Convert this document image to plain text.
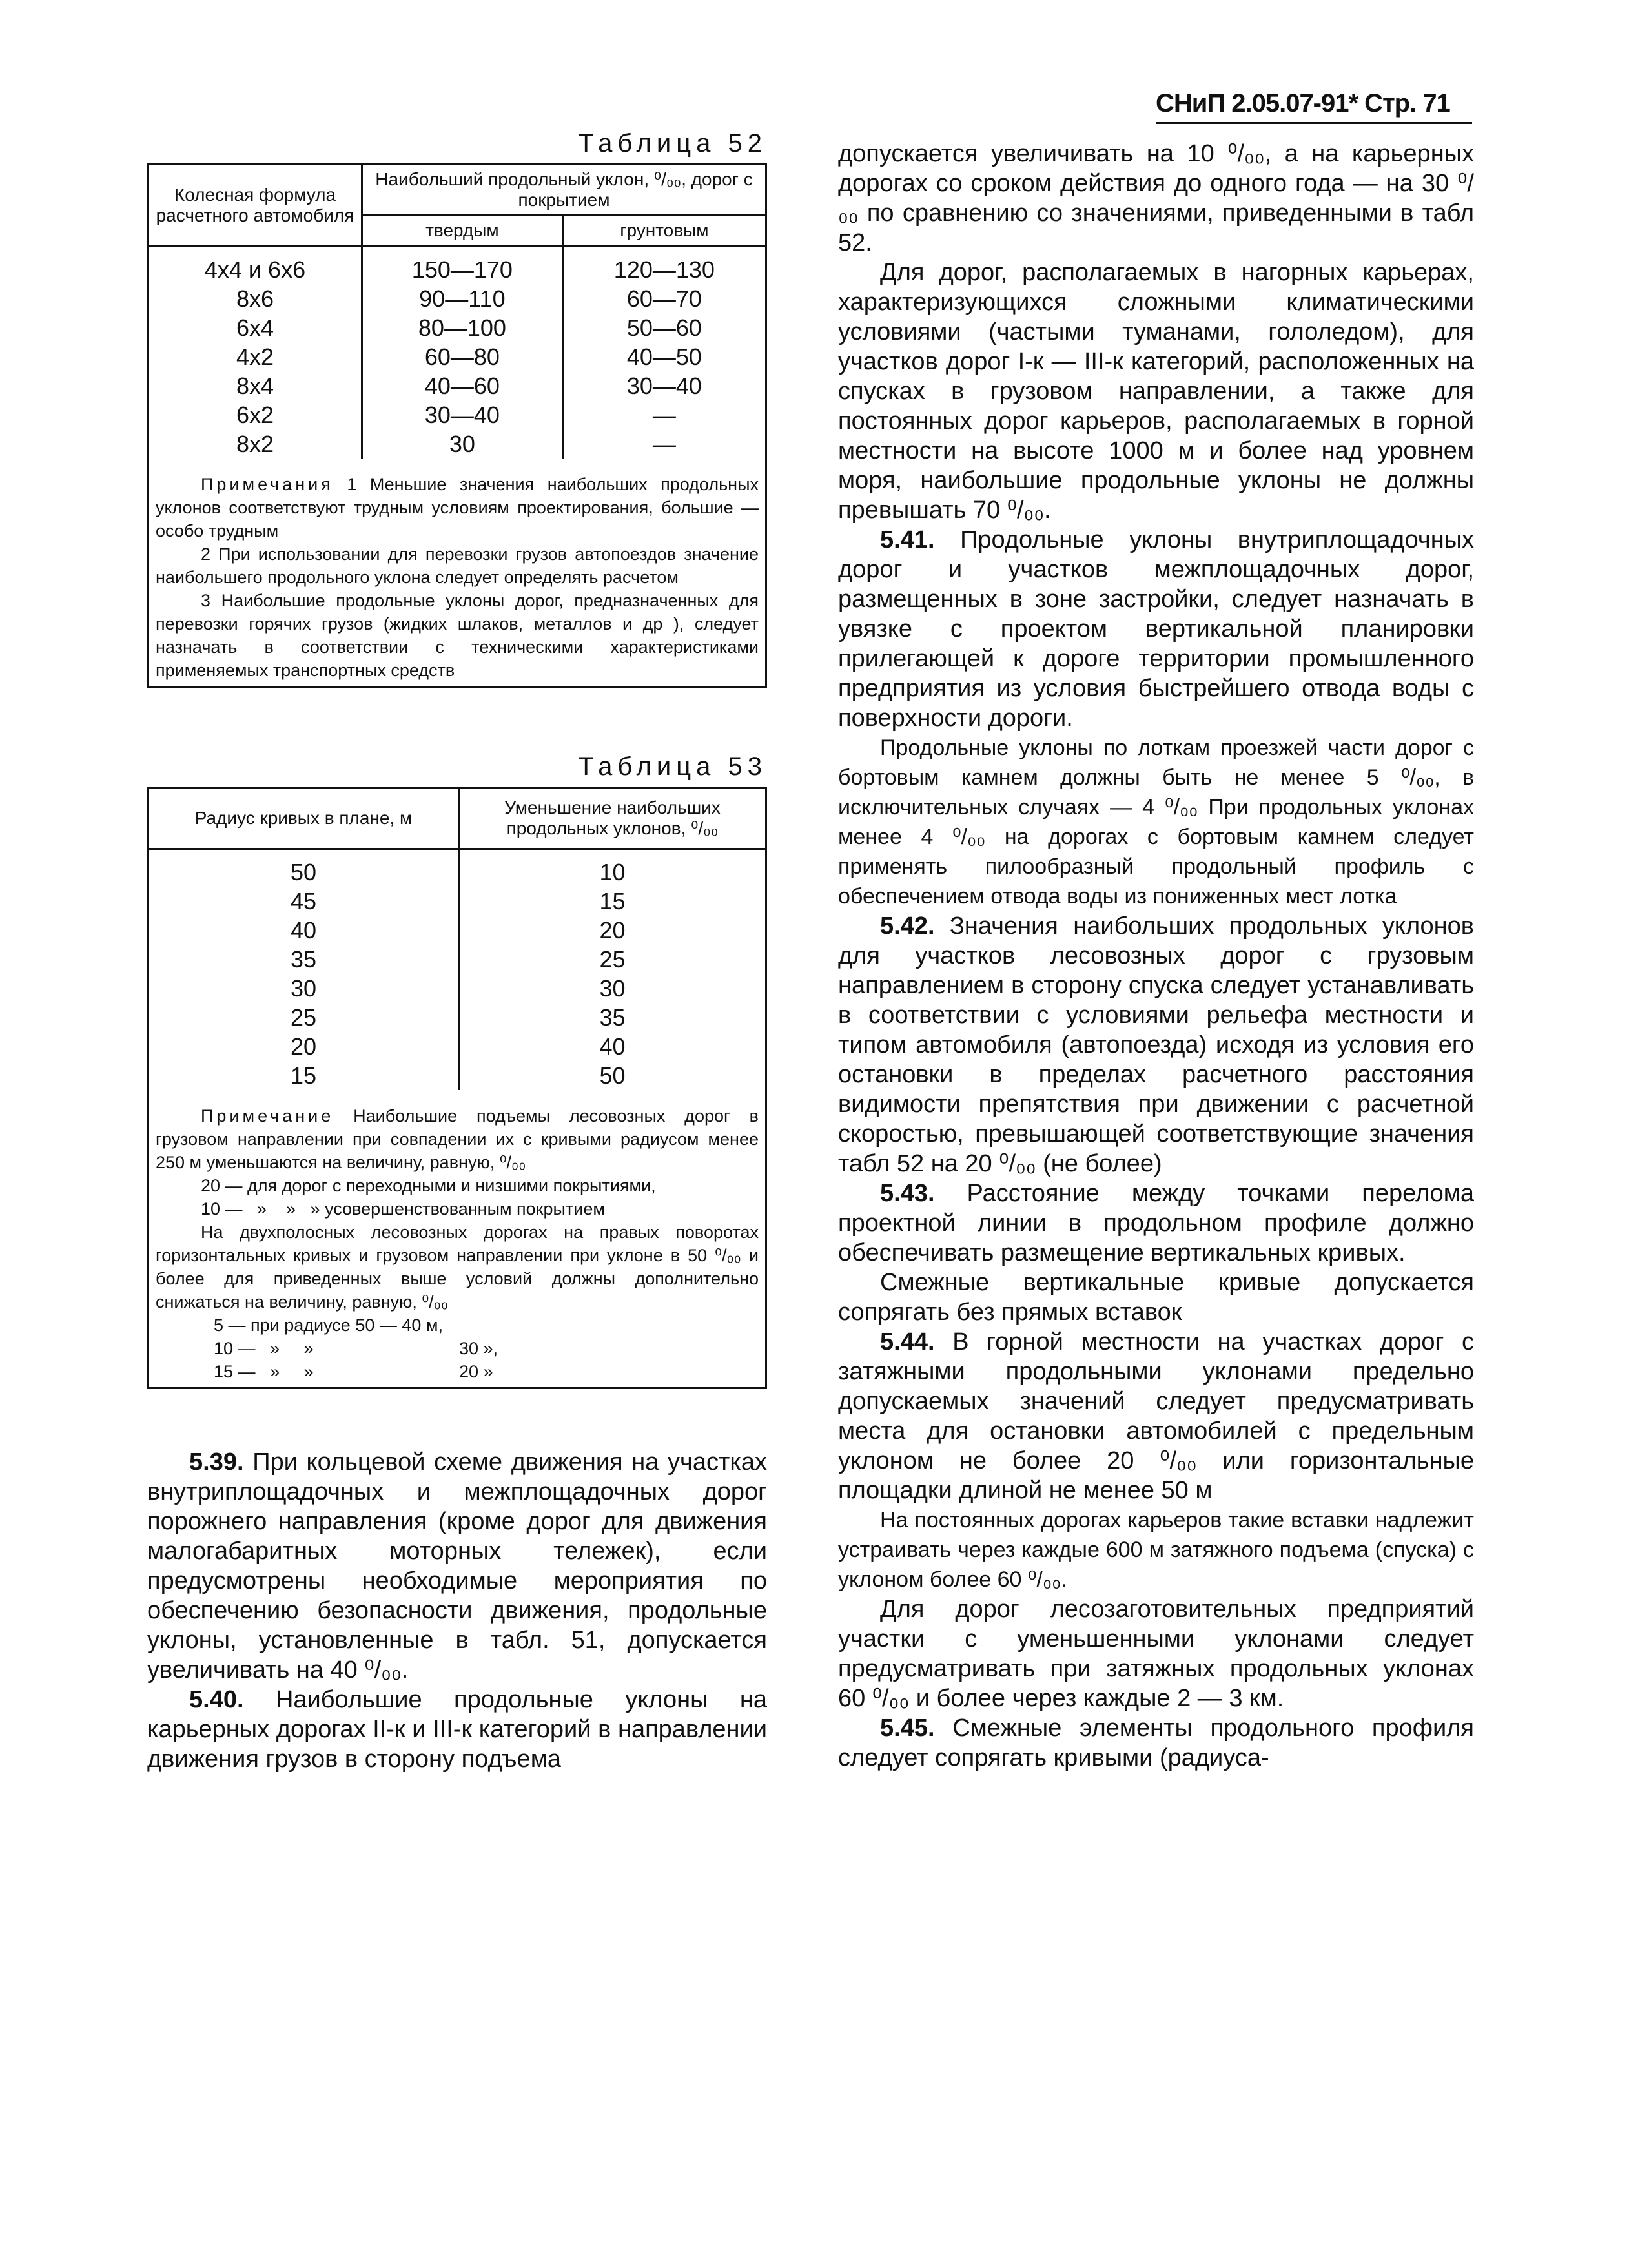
СНиП 2.05.07-91* Стр. 71
Таблица 52
Колесная формула расчетного автомобиля	Наибольший продольный уклон, ⁰/₀₀, дорог с покрытием	
	твердым	грунтовым
4x4 и 6x6	150—170	120—130
8x6	90—110	60—70
6x4	80—100	50—60
4x2	60—80	40—50
8x4	40—60	30—40
6x2	30—40	—
8x2	30	—

Примечания 1 Меньшие значения наибольших продольных уклонов соответствуют трудным условиям проектирования, большие — особо трудным

2 При использовании для перевозки грузов автопоездов значение наибольшего продольного уклона следует определять расчетом

3 Наибольшие продольные уклоны дорог, предназначенных для перевозки горячих грузов (жидких шлаков, металлов и др ), следует назначать в соответствии с техническими характеристиками применяемых транспортных средств

Таблица 53
Радиус кривых в плане, м	Уменьшение наибольших продольных уклонов, ⁰/₀₀
50	10
45	15
40	20
35	25
30	30
25	35
20	40
15	50

Примечание Наибольшие подъемы лесовозных дорог в грузовом направлении при совпадении их с кривыми радиусом менее 250 м уменьшаются на величину, равную, ⁰/₀₀

20 — для дорог с переходными и низшими покрытиями,

10 —   »    »   » усовершенствованным покрытием

На двухполосных лесовозных дорогах на правых поворотах горизонтальных кривых и грузовом направлении при уклоне в 50 ⁰/₀₀ и более для приведенных выше условий должны дополнительно снижаться на величину, равную, ⁰/₀₀

5 — при радиусе 50 — 40 м,
10 —   »     »	30 »,
15 —   »     »	20 »

5.39. При кольцевой схеме движения на участках внутриплощадочных и межплощадочных дорог порожнего направления (кроме дорог для движения малогабаритных моторных тележек), если предусмотрены необходимые мероприятия по обеспечению безопасности движения, продольные уклоны, установленные в табл. 51, допускается увеличивать на 40 ⁰/₀₀.

5.40. Наибольшие продольные уклоны на карьерных дорогах II-к и III-к категорий в направлении движения грузов в сторону подъема

допускается увеличивать на 10 ⁰/₀₀, а на карьерных дорогах со сроком действия до одного года — на 30 ⁰/₀₀ по сравнению со значениями, приведенными в табл 52.

Для дорог, располагаемых в нагорных карьерах, характеризующихся сложными климатическими условиями (частыми туманами, гололедом), для участков дорог I-к — III-к категорий, расположенных на спусках в грузовом направлении, а также для постоянных дорог карьеров, располагаемых в горной местности на высоте 1000 м и более над уровнем моря, наибольшие продольные уклоны не должны превышать 70 ⁰/₀₀.

5.41. Продольные уклоны внутриплощадочных дорог и участков межплощадочных дорог, размещенных в зоне застройки, следует назначать в увязке с проектом вертикальной планировки прилегающей к дороге территории промышленного предприятия из условия быстрейшего отвода воды с поверхности дороги.

Продольные уклоны по лоткам проезжей части дорог с бортовым камнем должны быть не менее 5 ⁰/₀₀, в исключительных случаях — 4 ⁰/₀₀ При продольных уклонах менее 4 ⁰/₀₀ на дорогах с бортовым камнем следует применять пилообразный продольный профиль с обеспечением отвода воды из пониженных мест лотка

5.42. Значения наибольших продольных уклонов для участков лесовозных дорог с грузовым направлением в сторону спуска следует устанавливать в соответствии с условиями рельефа местности и типом автомобиля (автопоезда) исходя из условия его остановки в пределах расчетного расстояния видимости препятствия при движении с расчетной скоростью, превышающей соответствующие значения табл 52 на 20 ⁰/₀₀ (не более)

5.43. Расстояние между точками перелома проектной линии в продольном профиле должно обеспечивать размещение вертикальных кривых.

Смежные вертикальные кривые допускается сопрягать без прямых вставок

5.44. В горной местности на участках дорог с затяжными продольными уклонами предельно допускаемых значений следует предусматривать места для остановки автомобилей с предельным уклоном не более 20 ⁰/₀₀ или горизонтальные площадки длиной не менее 50 м

На постоянных дорогах карьеров такие вставки надлежит устраивать через каждые 600 м затяжного подъема (спуска) с уклоном более 60 ⁰/₀₀.

Для дорог лесозаготовительных предприятий участки с уменьшенными уклонами следует предусматривать при затяжных продольных уклонах 60 ⁰/₀₀ и более через каждые 2 — 3 км.

5.45. Смежные элементы продольного профиля следует сопрягать кривыми (радиуса-
